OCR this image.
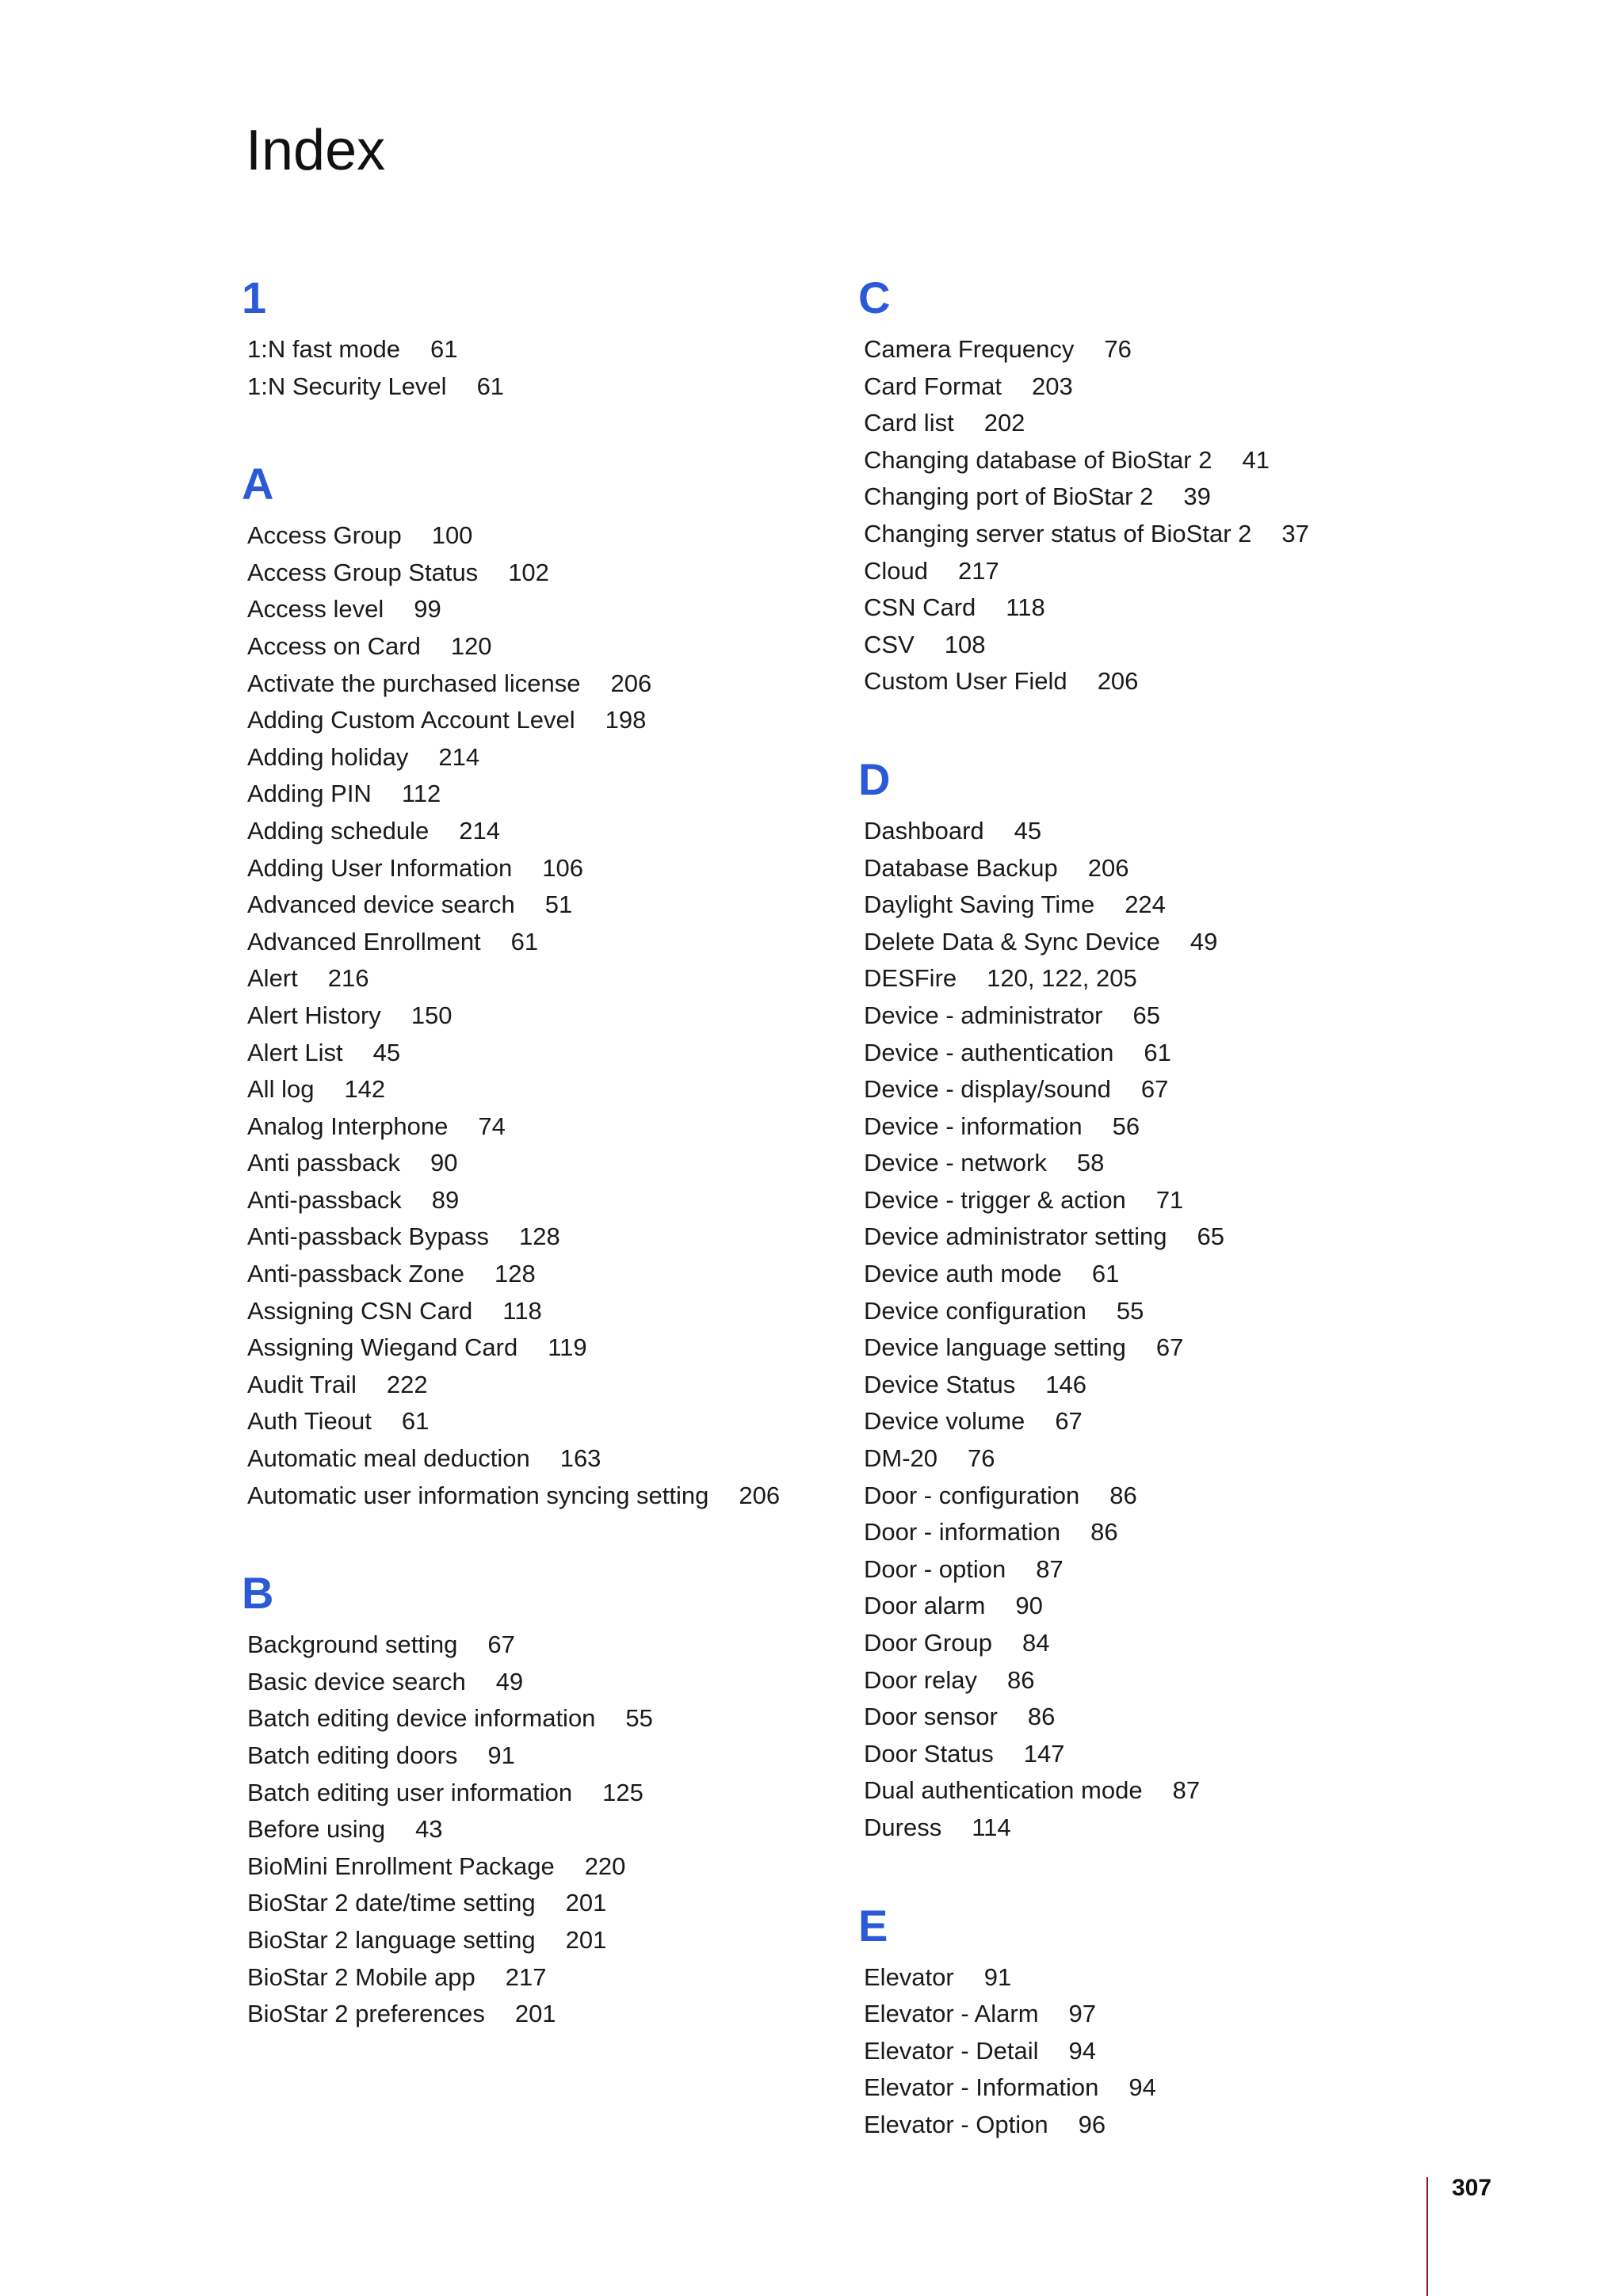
Index
1
1:N fast mode 61
1:N Security Level 61
A
Access Group 100
Access Group Status 102
Access level 99
Access on Card 120
Activate the purchased license 206
Adding Custom Account Level 198
Adding holiday 214
Adding PIN 112
Adding schedule 214
Adding User Information 106
Advanced device search 51
Advanced Enrollment 61
Alert 216
Alert History 150
Alert List 45
All log 142
Analog Interphone 74
Anti passback 90
Anti-passback 89
Anti-passback Bypass 128
Anti-passback Zone 128
Assigning CSN Card 118
Assigning Wiegand Card 119
Audit Trail 222
Auth Tieout 61
Automatic meal deduction 163
Automatic user information syncing setting 206
B
Background setting 67
Basic device search 49
Batch editing device information 55
Batch editing doors 91
Batch editing user information 125
Before using 43
BioMini Enrollment Package 220
BioStar 2 date/time setting 201
BioStar 2 language setting 201
BioStar 2 Mobile app 217
BioStar 2 preferences 201
C
Camera Frequency 76
Card Format 203
Card list 202
Changing database of BioStar 2 41
Changing port of BioStar 2 39
Changing server status of BioStar 2 37
Cloud 217
CSN Card 118
CSV 108
Custom User Field 206
D
Dashboard 45
Database Backup 206
Daylight Saving Time 224
Delete Data & Sync Device 49
DESFire 120, 122, 205
Device - administrator 65
Device - authentication 61
Device - display/sound 67
Device - information 56
Device - network 58
Device - trigger & action 71
Device administrator setting 65
Device auth mode 61
Device configuration 55
Device language setting 67
Device Status 146
Device volume 67
DM-20 76
Door - configuration 86
Door - information 86
Door - option 87
Door alarm 90
Door Group 84
Door relay 86
Door sensor 86
Door Status 147
Dual authentication mode 87
Duress 114
E
Elevator 91
Elevator - Alarm 97
Elevator - Detail 94
Elevator - Information 94
Elevator - Option 96
307
